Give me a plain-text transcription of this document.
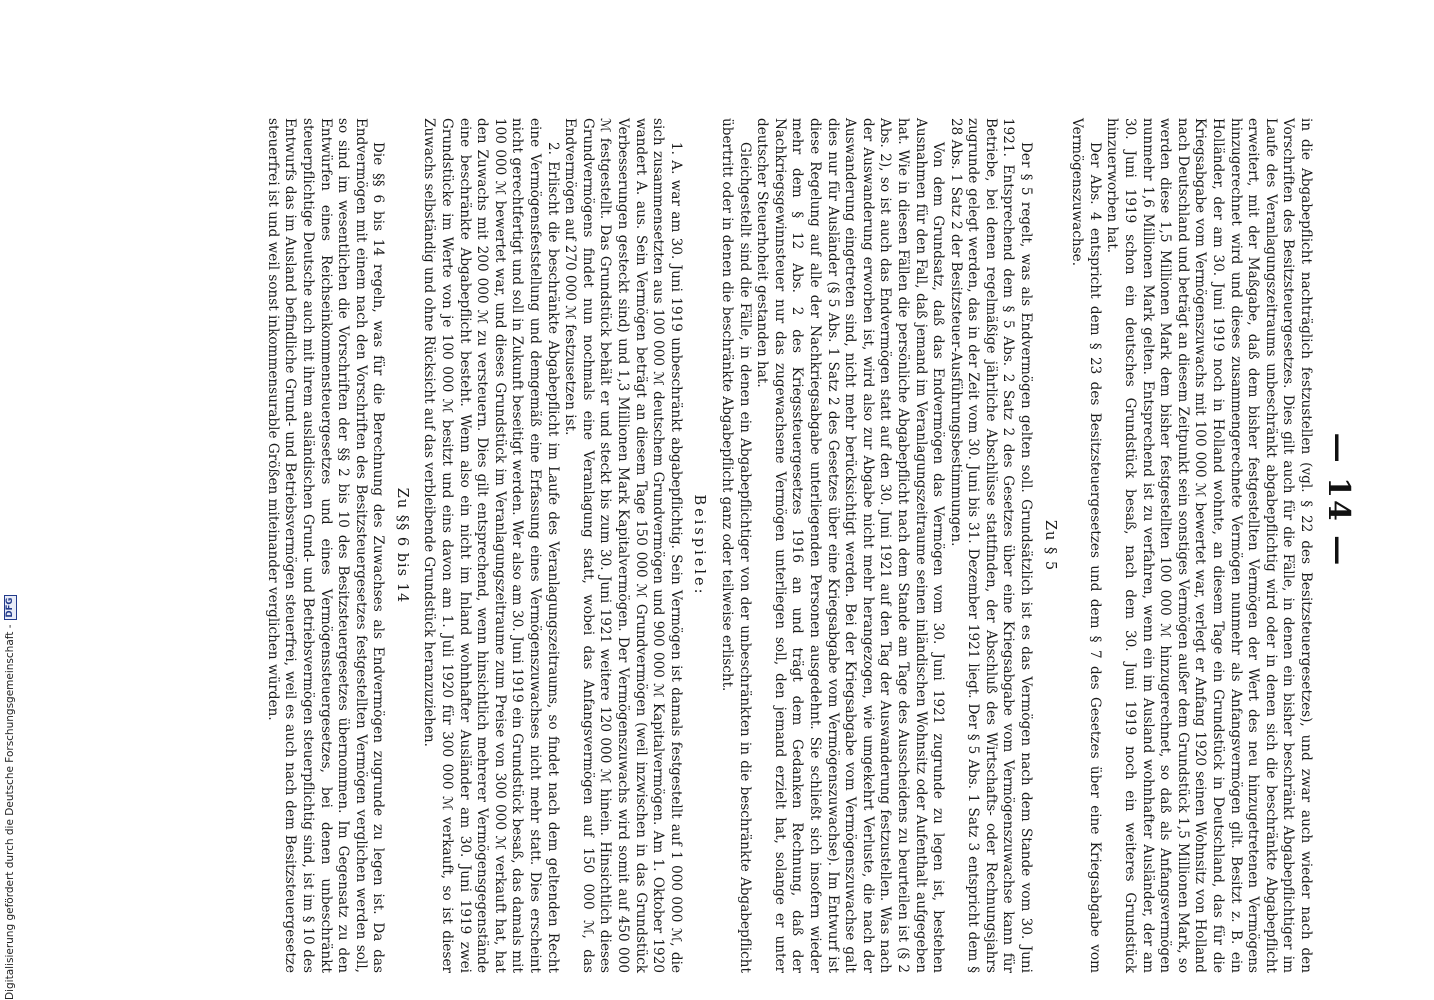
— 14 —

in die Abgabepflicht nachträglich festzustellen (vgl. § 22 des Besitzsteuergesetzes), und zwar auch wieder nach den Vorschriften des Besitzsteuergesetzes. Dies gilt auch für die Fälle, in denen ein bisher beschränkt Abgabepflichtiger im Laufe des Veranlagungszeitraums unbeschränkt abgabepflichtig wird oder in denen sich die beschränkte Abgabepflicht erweitert, mit der Maßgabe, daß dem bisher festgestellten Vermögen der Wert des neu hinzugetretenen Vermögens hinzugerechnet wird und dieses zusammengerechnete Vermögen nunmehr als Anfangsvermögen gilt. Besitzt z. B. ein Holländer, der am 30. Juni 1919 noch in Holland wohnte, an diesem Tage ein Grundstück in Deutschland, das für die Kriegsabgabe vom Vermögenszuwachs mit 100 000 ℳ bewertet war, verlegt er Anfang 1920 seinen Wohnsitz von Holland nach Deutschland und beträgt an diesem Zeitpunkt sein sonstiges Vermögen außer dem Grundstück 1,5 Millionen Mark, so werden diese 1,5 Millionen Mark dem bisher festgestellten 100 000 ℳ hinzugerechnet, so daß als Anfangsvermögen nunmehr 1,6 Millionen Mark gelten. Entsprechend ist zu verfahren, wenn ein im Ausland wohnhafter Ausländer, der am 30. Juni 1919 schon ein deutsches Grundstück besaß, nach dem 30. Juni 1919 noch ein weiteres Grundstück hinzuerworben hat.

Der Abs. 4 entspricht dem § 23 des Besitzsteuergesetzes und dem § 7 des Gesetzes über eine Kriegsabgabe vom Vermögenszuwachse.

Zu § 5

Der § 5 regelt, was als Endvermögen gelten soll. Grundsätzlich ist es das Vermögen nach dem Stande vom 30. Juni 1921. Entsprechend dem § 5 Abs. 2 Satz 2 des Gesetzes über eine Kriegsabgabe vom Vermögenszuwachse kann für Betriebe, bei denen regelmäßige jährliche Abschlüsse stattfinden, der Abschluß des Wirtschafts- oder Rechnungsjahrs zugrunde gelegt werden, das in der Zeit vom 30. Juni bis 31. Dezember 1921 liegt. Der § 5 Abs. 1 Satz 3 entspricht dem § 28 Abs. 1 Satz 2 der Besitzsteuer-Ausführungsbestimmungen.

Von dem Grundsatz, daß das Endvermögen das Vermögen vom 30. Juni 1921 zugrunde zu legen ist, bestehen Ausnahmen für den Fall, daß jemand im Veranlagungszeitraume seinen inländischen Wohnsitz oder Aufenthalt aufgegeben hat. Wie in diesen Fällen die persönliche Abgabepflicht nach dem Stande am Tage des Ausscheidens zu beurteilen ist (§ 2 Abs. 2), so ist auch das Endvermögen statt auf den 30. Juni 1921 auf den Tag der Auswanderung festzustellen. Was nach der Auswanderung erworben ist, wird also zur Abgabe nicht mehr herangezogen, wie umgekehrt Verluste, die nach der Auswanderung eingetreten sind, nicht mehr berücksichtigt werden. Bei der Kriegsabgabe vom Vermögenszuwachse galt dies nur für Ausländer (§ 5 Abs. 1 Satz 2 des Gesetzes über eine Kriegsabgabe vom Vermögenszuwachse). Im Entwurf ist diese Regelung auf alle der Nachkriegsabgabe unterliegenden Personen ausgedehnt. Sie schließt sich insofern wieder mehr dem § 12 Abs. 2 des Kriegssteuergesetzes 1916 an und trägt dem Gedanken Rechnung, daß der Nachkriegsgewinnsteuer nur das zugewachsene Vermögen unterliegen soll, den jemand erzielt hat, solange er unter deutscher Steuerhoheit gestanden hat.

Gleichgestellt sind die Fälle, in denen ein Abgabepflichtiger von der unbeschränkten in die beschränkte Abgabepflicht übertritt oder in denen die beschränkte Abgabepflicht ganz oder teilweise erlischt.

Beispiele:

1. A. war am 30. Juni 1919 unbeschränkt abgabepflichtig. Sein Vermögen ist damals festgestellt auf 1 000 000 ℳ, die sich zusammensetzten aus 100 000 ℳ deutschem Grundvermögen und 900 000 ℳ Kapitalvermögen. Am 1. Oktober 1920 wandert A. aus. Sein Vermögen beträgt an diesem Tage 150 000 ℳ Grundvermögen (weil inzwischen in das Grundstück Verbesserungen gesteckt sind) und 1,3 Millionen Mark Kapitalvermögen. Der Vermögenszuwachs wird somit auf 450 000 ℳ festgestellt. Das Grundstück behält er und steckt bis zum 30. Juni 1921 weitere 120 000 ℳ hinein. Hinsichtlich dieses Grundvermögens findet nun nochmals eine Veranlagung statt, wobei das Anfangsvermögen auf 150 000 ℳ, das Endvermögen auf 270 000 ℳ festzusetzen ist.

2. Erlischt die beschränkte Abgabepflicht im Laufe des Veranlagungszeitraums, so findet nach dem geltenden Recht eine Vermögensfeststellung und demgemäß eine Erfassung eines Vermögenszuwachses nicht mehr statt. Dies erscheint nicht gerechtfertigt und soll in Zukunft beseitigt werden. Wer also am 30. Juni 1919 ein Grundstück besaß, das damals mit 100 000 ℳ bewertet war, und dieses Grundstück im Veranlagungszeitraume zum Preise von 300 000 ℳ verkauft hat, hat den Zuwachs mit 200 000 ℳ zu versteuern. Dies gilt entsprechend, wenn hinsichtlich mehrerer Vermögensgegenstände eine beschränkte Abgabepflicht besteht. Wenn also ein nicht im Inland wohnhafter Ausländer am 30. Juni 1919 zwei Grundstücke im Werte von je 100 000 ℳ besitzt und eins davon am 1. Juli 1920 für 300 000 ℳ verkauft, so ist dieser Zuwachs selbständig und ohne Rücksicht auf das verbleibende Grundstück heranzuziehen.

Zu §§ 6 bis 14

Die §§ 6 bis 14 regeln, was für die Berechnung des Zuwachses als Endvermögen zugrunde zu legen ist. Da das Endvermögen mit einem nach den Vorschriften des Besitzsteuergesetzes festgestellten Vermögen verglichen werden soll, so sind im wesentlichen die Vorschriften der §§ 2 bis 10 des Besitzsteuergesetzes übernommen. Im Gegensatz zu den Entwürfen eines Reichseinkommensteuergesetzes und eines Vermögenssteuergesetzes, bei denen unbeschränkt steuerpflichtige Deutsche auch mit ihrem ausländischen Grund- und Betriebsvermögen steuerpflichtig sind, ist im § 10 des Entwurfs das im Ausland befindliche Grund- und Betriebsvermögen steuerfrei, weil es auch nach dem Besitzsteuergesetze steuerfrei ist und weil sonst inkommensurable Größen miteinander verglichen würden.

Digitalisierung gefördert durch die Deutsche Forschungsgemeinschaft -DFG
